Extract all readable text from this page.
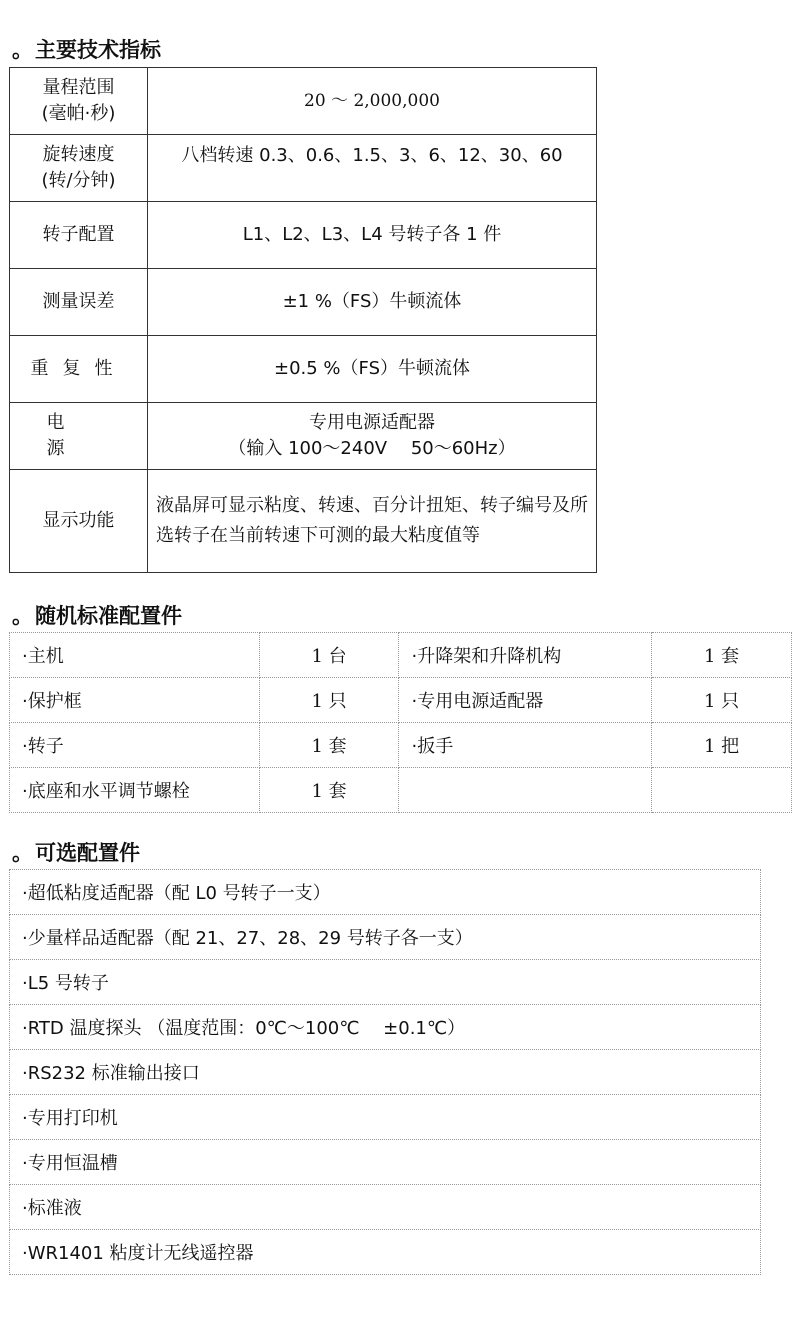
。主要技术指标
量程范围
(毫帕·秒)	20 ～ 2,000,000

旋转速度
(转/分钟)	八档转速 0.3、0.6、1.5、3、6、12、30、60
转子配置	L1、L2、L3、L4 号转子各 1 件
测量误差	±1 %（FS）牛顿流体
重复性	±0.5 %（FS）牛顿流体
电源	专用电源适配器
（输入 100～240V　 50～60Hz）

显示功能	液晶屏可显示粘度、转速、百分计扭矩、转子编号及所选转子在当前转速下可测的最大粘度值等
。随机标准配置件
·主机	1 台	·升降架和升降机构	1 套
·保护框	1 只	·专用电源适配器	1 只
·转子	1 套	·扳手	1 把
·底座和水平调节螺栓	1 套		
。可选配置件
·超低粘度适配器（配 L0 号转子一支）
·少量样品适配器（配 21、27、28、29 号转子各一支）
·L5 号转子
·RTD 温度探头 （温度范围：0℃～100℃　 ±0.1℃）
·RS232 标准输出接口
·专用打印机
·专用恒温槽
·标准液
·WR1401 粘度计无线遥控器
